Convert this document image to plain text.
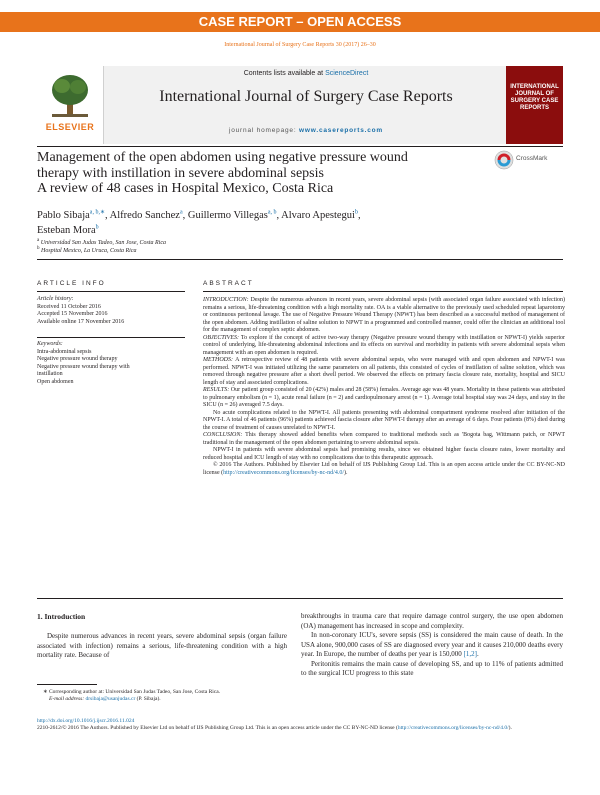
CASE REPORT – OPEN ACCESS
International Journal of Surgery Case Reports 30 (2017) 26–30
ELSEVIER
Contents lists available at ScienceDirect
International Journal of Surgery Case Reports
journal homepage: www.casereports.com
INTERNATIONAL JOURNAL OF SURGERY CASE REPORTS
Management of the open abdomen using negative pressure wound
therapy with instillation in severe abdominal sepsis
A review of 48 cases in Hospital Mexico, Costa Rica
CrossMark
Pablo Sibaja$^{a, b,∗}$, Alfredo Sanchez$^a$, Guillermo Villegas$^{a, b}$, Alvaro Apestegui$^b$,
Esteban Mora$^b$
$^a$ Universidad San Judas Tadeo, San Jose, Costa Rica
$^b$ Hospital Mexico, La Uruca, Costa Rica
ARTICLE INFO
Article history:
Received 11 October 2016
Accepted 15 November 2016
Available online 17 November 2016
Keywords:
Intra-abdominal sepsis
Negative pressure wound therapy
Negative pressure wound therapy with
instillation
Open abdomen
ABSTRACT

INTRODUCTION: Despite the numerous advances in recent years, severe abdominal sepsis (with associated organ failure associated with infection) remains a serious, life-threatening condition with a high mortality rate. OA is a viable alternative to the previously used scheduled repeat laparotomy or continuous peritoneal lavage. The use of Negative Pressure Wound Therapy (NPWT) has been described as a successful method of management of the open abdomen. Adding instillation of saline solution to NPWT in a programmed and controlled manner, could offer the clinician an additional tool for the management of complex septic abdomen.

OBJECTIVES: To explore if the concept of active two-way therapy (Negative pressure wound therapy with instillation or NPWT-I) yields superior control of underlying, life-threatening abdominal infections and its effects on survival and morbidity in patients with severe abdominal sepsis when management with an open abdomen is required.

METHODS: A retrospective review of 48 patients with severe abdominal sepsis, who were managed with and open abdomen and NPWT-I was performed. NPWT-I was initiated utilizing the same parameters on all patients, this consisted of cycles of instillation of saline solution, which was removed through negative pressure after a short dwell period. We observed the effects on primary fascia closure rate, mortality, hospital and SICU length of stay and associated complications.

RESULTS: Our patient group consisted of 20 (42%) males and 28 (58%) females. Average age was 48 years. Mortality in these patients was attributed to pulmonary embolism (n = 1), acute renal failure (n = 2) and cardiopulmonary arrest (n = 1). Average total hospital stay was 24 days, and stay in the SICU (n = 26) averaged 7.5 days.

No acute complications related to the NPWT-I. All patients presenting with abdominal compartment syndrome resolved after initiation of the NPWT-I. A total of 46 patients (96%) patients achieved fascia closure after NPWT-I therapy after an average of 6 days. Four patients (8%) died during the course of treatment of causes unrelated to NPWT-I.

CONCLUSION: This therapy showed added benefits when compared to traditional methods such as 'Bogota bag, Wittmann patch, or NPWT traditional in the management of the open abdomen pertaining to severe abdominal sepsis.

NPWT-I in patients with severe abdominal sepsis had promising results, since we obtained higher fascia closure rates, lower mortality and reduced hospital and ICU length of stay with no complications due to this therapeutic approach.

© 2016 The Authors. Published by Elsevier Ltd on behalf of IJS Publishing Group Ltd. This is an open access article under the CC BY-NC-ND license (http://creativecommons.org/licenses/by-nc-nd/4.0/).

1. Introduction

Despite numerous advances in recent years, severe abdominal sepsis (organ failure associated with infection) remains a serious, life-threatening condition with a high mortality rate. Because of

breakthroughs in trauma care that require damage control surgery, the use open abdomen (OA) management has increased in scope and complexity.

In non-coronary ICU's, severe sepsis (SS) is considered the main cause of death. In the USA alone, 900,000 cases of SS are diagnosed every year and it causes 210,000 deaths every year. In Europe, the number of deaths per year is 150,000 [1,2].

Peritonitis remains the main cause of developing SS, and up to 11% of patients admitted to the surgical ICU progress to this state

∗ Corresponding author at: Universidad San Judas Tadeo, San Jose, Costa Rica.
E-mail address: drsibaja@usanjudas.cr (P. Sibaja).
http://dx.doi.org/10.1016/j.ijscr.2016.11.024
2210-2612/© 2016 The Authors. Published by Elsevier Ltd on behalf of IJS Publishing Group Ltd. This is an open access article under the CC BY-NC-ND license (http://creativecommons.org/licenses/by-nc-nd/4.0/).
